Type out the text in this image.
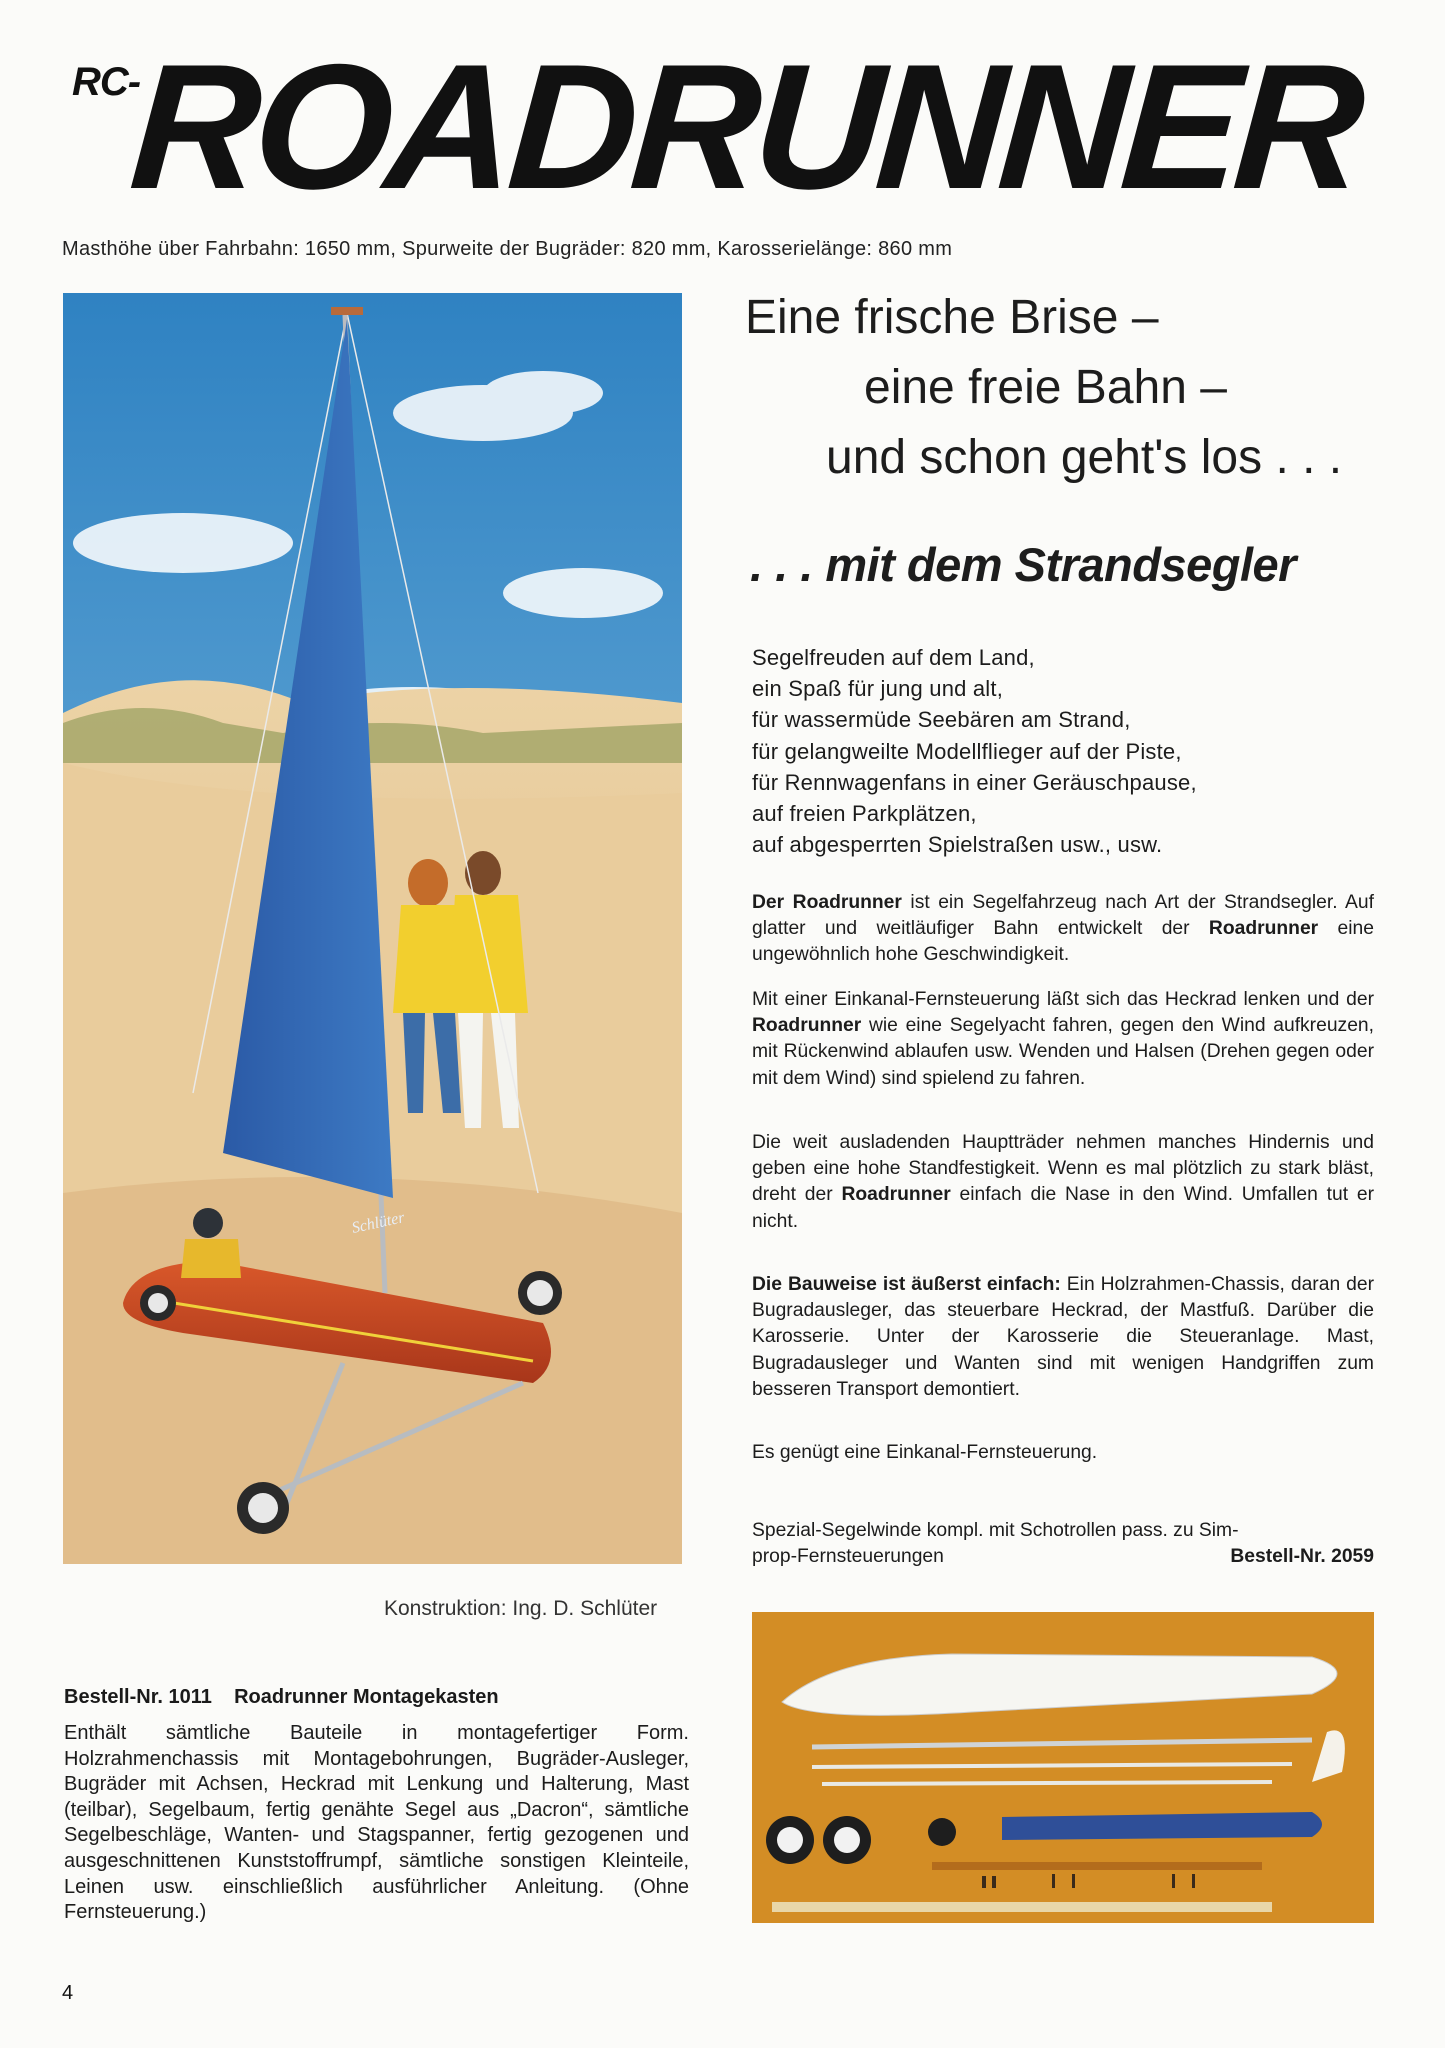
RC-
ROADRUNNER
Masthöhe über Fahrbahn: 1650 mm, Spurweite der Bugräder: 820 mm, Karosserielänge: 860 mm
Schlüter
Konstruktion: Ing. D. Schlüter
Eine frische Brise –
eine freie Bahn –
und schon geht's los . . .
. . . mit dem Strandsegler
Segelfreuden auf dem Land,
ein Spaß für jung und alt,
für wassermüde Seebären am Strand,
für gelangweilte Modellflieger auf der Piste,
für Rennwagenfans in einer Geräuschpause,
auf freien Parkplätzen,
auf abgesperrten Spielstraßen usw., usw.
Der Roadrunner ist ein Segelfahrzeug nach Art der Strandsegler. Auf glatter und weitläufiger Bahn entwickelt der Roadrunner eine ungewöhnlich hohe Geschwindigkeit.
Mit einer Einkanal-Fernsteuerung läßt sich das Heckrad lenken und der Roadrunner wie eine Segelyacht fahren, gegen den Wind aufkreuzen, mit Rückenwind ablaufen usw. Wenden und Halsen (Drehen gegen oder mit dem Wind) sind spielend zu fahren.
Die weit ausladenden Hauptträder nehmen manches Hindernis und geben eine hohe Standfestigkeit. Wenn es mal plötzlich zu stark bläst, dreht der Roadrunner einfach die Nase in den Wind. Umfallen tut er nicht.
Die Bauweise ist äußerst einfach: Ein Holzrahmen-Chassis, daran der Bugradausleger, das steuerbare Heckrad, der Mastfuß. Darüber die Karosserie. Unter der Karosserie die Steueranlage. Mast, Bugradausleger und Wanten sind mit wenigen Handgriffen zum besseren Transport demontiert.
Es genügt eine Einkanal-Fernsteuerung.
Spezial-Segelwinde kompl. mit Schotrollen pass. zu Sim-
prop-Fernsteuerungen	Bestell-Nr. 2059
Bestell-Nr. 1011    Roadrunner Montagekasten
Enthält sämtliche Bauteile in montagefertiger Form. Holzrahmenchassis mit Montagebohrungen, Bugräder-Ausleger, Bugräder mit Achsen, Heckrad mit Lenkung und Halterung, Mast (teilbar), Segelbaum, fertig genähte Segel aus „Dacron“, sämtliche Segelbeschläge, Wanten- und Stagspanner, fertig gezogenen und ausgeschnittenen Kunststoffrumpf, sämtliche sonstigen Kleinteile, Leinen usw. einschließlich ausführlicher Anleitung. (Ohne Fernsteuerung.)
4
